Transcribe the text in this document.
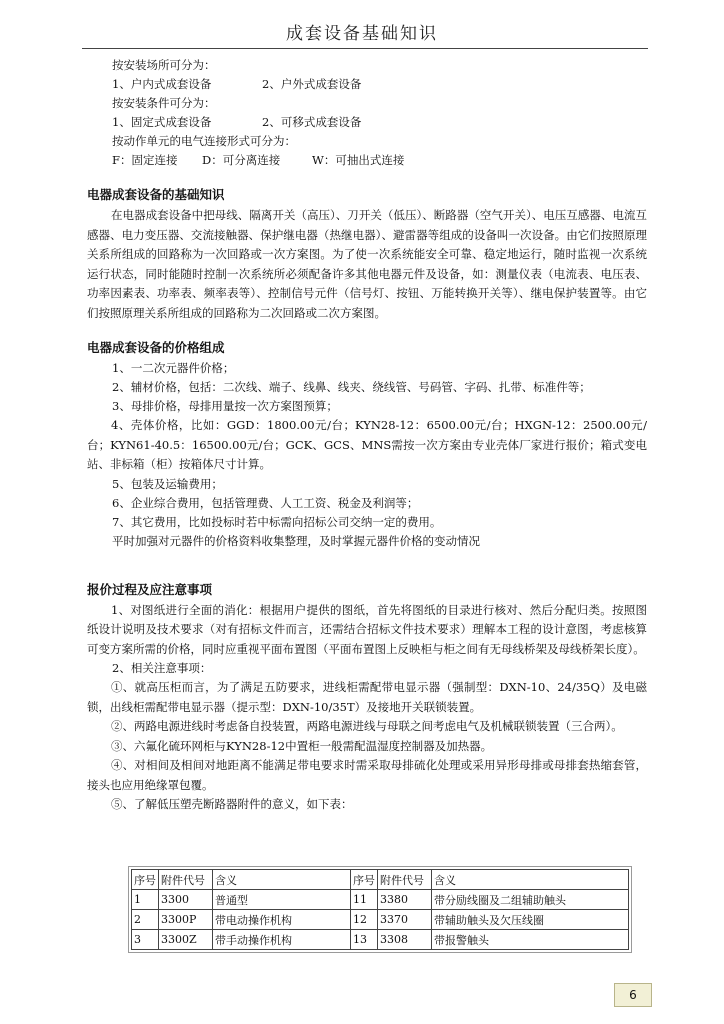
成套设备基础知识
按安装场所可分为：
1、户内式成套设备	2、户外式成套设备
按安装条件可分为：
1、固定式成套设备	2、可移式成套设备
按动作单元的电气连接形式可分为：
F：固定连接 D：可分离连接	W：可抽出式连接
电器成套设备的基础知识
在电器成套设备中把母线、隔离开关（高压）、刀开关（低压）、断路器（空气开关）、电压互感器、电流互感器、电力变压器、交流接触器、保护继电器（热继电器）、避雷器等组成的设备叫一次设备。由它们按照原理关系所组成的回路称为一次回路或一次方案图。为了使一次系统能安全可靠、稳定地运行，随时监视一次系统运行状态，同时能随时控制一次系统所必须配备许多其他电器元件及设备，如：测量仪表（电流表、电压表、功率因素表、功率表、频率表等）、控制信号元件（信号灯、按钮、万能转换开关等）、继电保护装置等。由它们按照原理关系所组成的回路称为二次回路或二次方案图。
电器成套设备的价格组成
1、一二次元器件价格；
2、辅材价格，包括：二次线、端子、线鼻、线夹、绕线管、号码管、字码、扎带、标准件等；
3、母排价格，母排用量按一次方案图预算；
4、壳体价格，比如：GGD：1800.00元/台；KYN28-12：6500.00元/台；HXGN-12：2500.00元/台；KYN61-40.5：16500.00元/台；GCK、GCS、MNS需按一次方案由专业壳体厂家进行报价；箱式变电站、非标箱（柜）按箱体尺寸计算。
5、包装及运输费用；
6、企业综合费用，包括管理费、人工工资、税金及利润等；
7、其它费用，比如投标时若中标需向招标公司交纳一定的费用。
平时加强对元器件的价格资料收集整理，及时掌握元器件价格的变动情况
报价过程及应注意事项
1、对图纸进行全面的消化：根据用户提供的图纸，首先将图纸的目录进行核对、然后分配归类。按照图纸设计说明及技术要求（对有招标文件而言，还需结合招标文件技术要求）理解本工程的设计意图，考虑核算可变方案所需的价格，同时应重视平面布置图（平面布置图上反映柜与柜之间有无母线桥架及母线桥架长度）。
2、相关注意事项：
①、就高压柜而言，为了满足五防要求，进线柜需配带电显示器（强制型：DXN-10、24/35Q）及电磁锁，出线柜需配带电显示器（提示型：DXN-10/35T）及接地开关联锁装置。
②、两路电源进线时考虑备自投装置，两路电源进线与母联之间考虑电气及机械联锁装置（三合两）。
③、六氟化硫环网柜与KYN28-12中置柜一般需配温湿度控制器及加热器。
④、对相间及相间对地距离不能满足带电要求时需采取母排硫化处理或采用异形母排或母排套热缩套管，接头也应用绝缘罩包覆。
⑤、了解低压塑壳断路器附件的意义，如下表：
序号	附件代号	含义	序号	附件代号	含义
1	3300	普通型	11	3380	带分励线圈及二组辅助触头
2	3300P	带电动操作机构	12	3370	带辅助触头及欠压线圈
3	3300Z	带手动操作机构	13	3308	带报警触头
6
